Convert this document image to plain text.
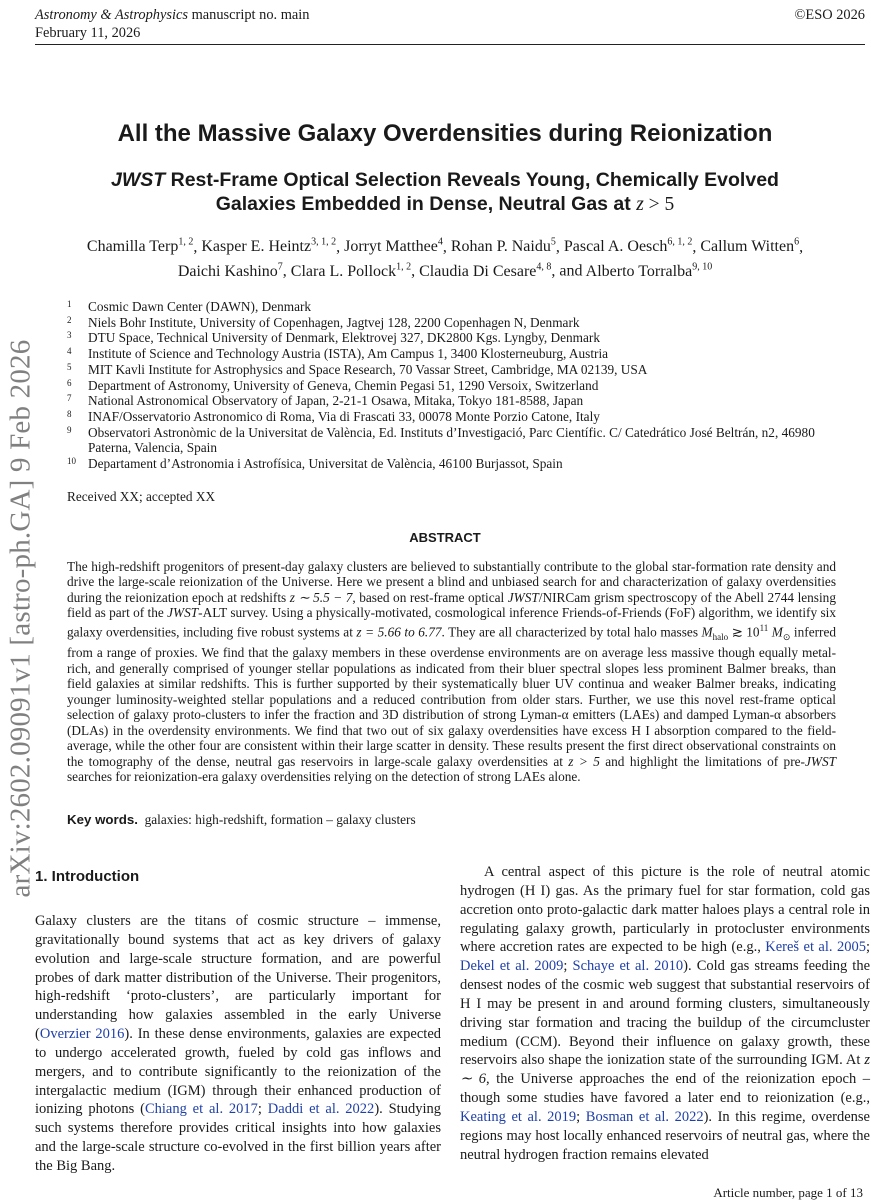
Astronomy & Astrophysics manuscript no. main
February 11, 2026
©ESO 2026
arXiv:2602.09091v1 [astro-ph.GA] 9 Feb 2026
All the Massive Galaxy Overdensities during Reionization
JWST Rest-Frame Optical Selection Reveals Young, Chemically Evolved
Galaxies Embedded in Dense, Neutral Gas at z > 5
Chamilla Terp$^{1, 2}$, Kasper E. Heintz$^{3, 1, 2}$, Jorryt Matthee$^4$, Rohan P. Naidu$^5$, Pascal A. Oesch$^{6, 1, 2}$, Callum Witten$^6$,
Daichi Kashino$^7$, Clara L. Pollock$^{1, 2}$, Claudia Di Cesare$^{4, 8}$, and Alberto Torralba$^{9, 10}$
1 Cosmic Dawn Center (DAWN), Denmark
2 Niels Bohr Institute, University of Copenhagen, Jagtvej 128, 2200 Copenhagen N, Denmark
3 DTU Space, Technical University of Denmark, Elektrovej 327, DK2800 Kgs. Lyngby, Denmark
4 Institute of Science and Technology Austria (ISTA), Am Campus 1, 3400 Klosterneuburg, Austria
5 MIT Kavli Institute for Astrophysics and Space Research, 70 Vassar Street, Cambridge, MA 02139, USA
6 Department of Astronomy, University of Geneva, Chemin Pegasi 51, 1290 Versoix, Switzerland
7 National Astronomical Observatory of Japan, 2-21-1 Osawa, Mitaka, Tokyo 181-8588, Japan
8 INAF/Osservatorio Astronomico di Roma, Via di Frascati 33, 00078 Monte Porzio Catone, Italy
9 Observatori Astronòmic de la Universitat de València, Ed. Instituts d’Investigació, Parc Científic. C/ Catedrático José Beltrán, n2, 46980 Paterna, Valencia, Spain
10 Departament d’Astronomia i Astrofísica, Universitat de València, 46100 Burjassot, Spain
Received XX; accepted XX
ABSTRACT
The high-redshift progenitors of present-day galaxy clusters are believed to substantially contribute to the global star-formation rate density and drive the large-scale reionization of the Universe. Here we present a blind and unbiased search for and characterization of galaxy overdensities during the reionization epoch at redshifts z ∼ 5.5 − 7, based on rest-frame optical JWST/NIRCam grism spectroscopy of the Abell 2744 lensing field as part of the JWST-ALT survey. Using a physically-motivated, cosmological inference Friends-of-Friends (FoF) algorithm, we identify six galaxy overdensities, including five robust systems at z = 5.66 to 6.77. They are all characterized by total halo masses $M_{halo}$ ≳ $10^{11}$ $M_⊙$ inferred from a range of proxies. We find that the galaxy members in these overdense environments are on average less massive though equally metal-rich, and generally comprised of younger stellar populations as indicated from their bluer spectral slopes less prominent Balmer breaks, than field galaxies at similar redshifts. This is further supported by their systematically bluer UV continua and weaker Balmer breaks, indicating younger luminosity-weighted stellar populations and a reduced contribution from older stars. Further, we use this novel rest-frame optical selection of galaxy proto-clusters to infer the fraction and 3D distribution of strong Lyman-α emitters (LAEs) and damped Lyman-α absorbers (DLAs) in the overdensity environments. We find that two out of six galaxy overdensities have excess H I absorption compared to the field-average, while the other four are consistent within their large scatter in density. These results present the first direct observational constraints on the tomography of the dense, neutral gas reservoirs in large-scale galaxy overdensities at z > 5 and highlight the limitations of pre-JWST searches for reionization-era galaxy overdensities relying on the detection of strong LAEs alone.
Key words. galaxies: high-redshift, formation – galaxy clusters
1. Introduction

Galaxy clusters are the titans of cosmic structure – immense, gravitationally bound systems that act as key drivers of galaxy evolution and large-scale structure formation, and are powerful probes of dark matter distribution of the Universe. Their progenitors, high-redshift ‘proto-clusters’, are particularly important for understanding how galaxies assembled in the early Universe (Overzier 2016). In these dense environments, galaxies are expected to undergo accelerated growth, fueled by cold gas inflows and mergers, and to contribute significantly to the reionization of the intergalactic medium (IGM) through their enhanced production of ionizing photons (Chiang et al. 2017; Daddi et al. 2022). Studying such systems therefore provides critical insights into how galaxies and the large-scale structure co-evolved in the first billion years after the Big Bang.

A central aspect of this picture is the role of neutral atomic hydrogen (H I) gas. As the primary fuel for star formation, cold gas accretion onto proto-galactic dark matter haloes plays a central role in regulating galaxy growth, particularly in protocluster environments where accretion rates are expected to be high (e.g., Kereš et al. 2005; Dekel et al. 2009; Schaye et al. 2010). Cold gas streams feeding the densest nodes of the cosmic web suggest that substantial reservoirs of H I may be present in and around forming clusters, simultaneously driving star formation and tracing the buildup of the circumcluster medium (CCM). Beyond their influence on galaxy growth, these reservoirs also shape the ionization state of the surrounding IGM. At z ∼ 6, the Universe approaches the end of the reionization epoch – though some studies have favored a later end to reionization (e.g., Keating et al. 2019; Bosman et al. 2022). In this regime, overdense regions may host locally enhanced reservoirs of neutral gas, where the neutral hydrogen fraction remains elevated

Article number, page 1 of 13
